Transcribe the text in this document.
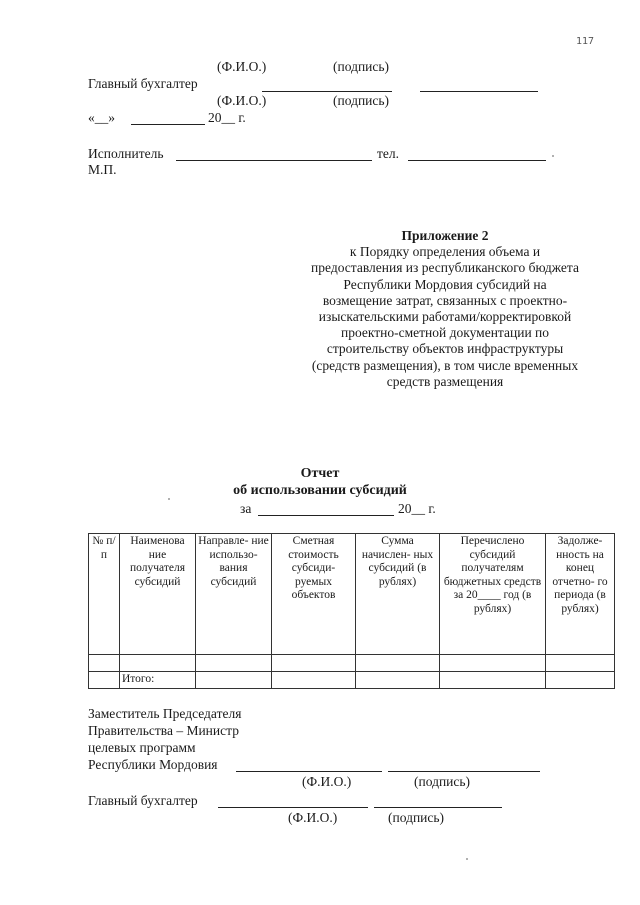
117
(Ф.И.О.)	(подпись)
Главный бухгалтер
(Ф.И.О.)	(подпись)
«__»	20__ г.
Исполнитель	тел.
М.П.
Приложение 2
к Порядку определения объема и
предоставления из республиканского бюджета
Республики Мордовия субсидий на
возмещение затрат, связанных с проектно-
изыскательскими работами/корректировкой
проектно-сметной документации по
строительству объектов инфраструктуры
(средств размещения), в том числе временных
средств размещения
Отчет
об использовании субсидий
за	20__ г.
№ п/п	Наименова ние получателя субсидий	Направле- ние использо- вания субсидий	Сметная стоимость субсиди- руемых объектов	Сумма начислен- ных субсидий (в рублях)	Перечислено субсидий получателям бюджетных средств за 20____ год (в рублях)	Задолже- нность на конец отчетно- го периода (в рублях)

	Итого:					
Заместитель Председателя
Правительства – Министр
целевых программ
Республики Мордовия
(Ф.И.О.)	(подпись)
Главный бухгалтер
(Ф.И.О.)	(подпись)
